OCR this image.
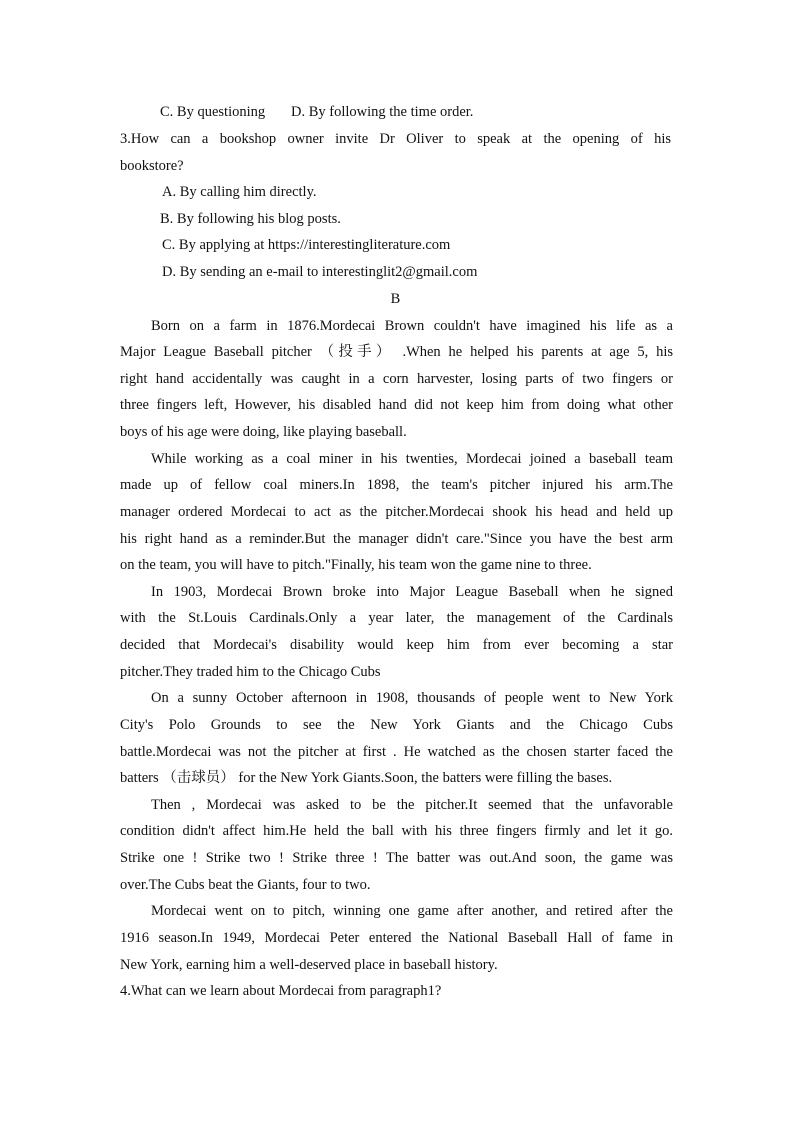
C. By questioning D. By following the time order.
3.How can a bookshop owner invite Dr Oliver to speak at the opening of his
bookstore?
A. By calling him directly.
B. By following his blog posts.
C. By applying at https://interestingliterature.com
D. By sending an e-mail to interestinglit2@gmail.com
B
Born on a farm in 1876.Mordecai Brown couldn't have imagined his life as a
Major League Baseball pitcher （投手） .When he helped his parents at age 5, his
right hand accidentally was caught in a corn harvester, losing parts of two fingers or
three fingers left, However, his disabled hand did not keep him from doing what other
boys of his age were doing, like playing baseball.
While working as a coal miner in his twenties, Mordecai joined a baseball team
made up of fellow coal miners.In 1898, the team's pitcher injured his arm.The
manager ordered Mordecai to act as the pitcher.Mordecai shook his head and held up
his right hand as a reminder.But the manager didn't care."Since you have the best arm
on the team, you will have to pitch."Finally, his team won the game nine to three.
In 1903, Mordecai Brown broke into Major League Baseball when he signed
with the St.Louis Cardinals.Only a year later, the management of the Cardinals
decided that Mordecai's disability would keep him from ever becoming a star
pitcher.They traded him to the Chicago Cubs
On a sunny October afternoon in 1908, thousands of people went to New York
City's Polo Grounds to see the New York Giants and the Chicago Cubs
battle.Mordecai was not the pitcher at first . He watched as the chosen starter faced the
batters （击球员） for the New York Giants.Soon, the batters were filling the bases.
Then , Mordecai was asked to be the pitcher.It seemed that the unfavorable
condition didn't affect him.He held the ball with his three fingers firmly and let it go.
Strike one ! Strike two ! Strike three ! The batter was out.And soon, the game was
over.The Cubs beat the Giants, four to two.
Mordecai went on to pitch, winning one game after another, and retired after the
1916 season.In 1949, Mordecai Peter entered the National Baseball Hall of fame in
New York, earning him a well-deserved place in baseball history.
4.What can we learn about Mordecai from paragraph1?
